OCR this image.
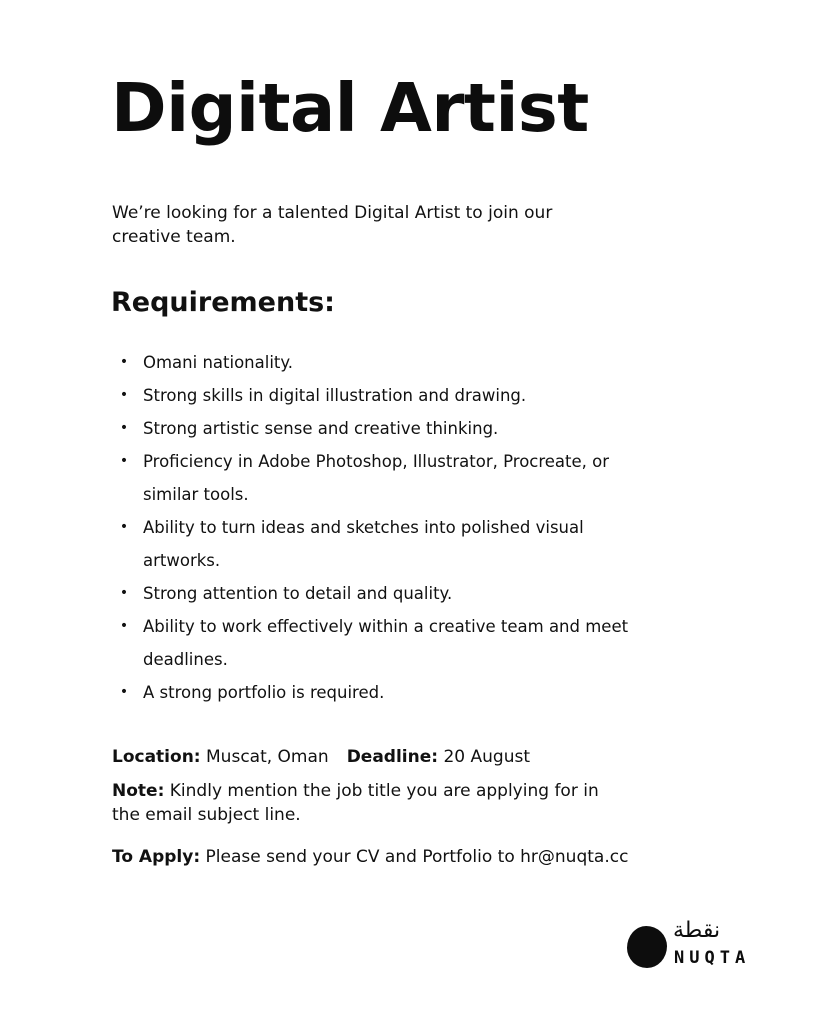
Digital Artist

We’re looking for a talented Digital Artist to join our creative team.

Requirements:
• Omani nationality.
• Strong skills in digital illustration and drawing.
• Strong artistic sense and creative thinking.
• Proficiency in Adobe Photoshop, Illustrator, Procreate, or similar tools.
• Ability to turn ideas and sketches into polished visual artworks.
• Strong attention to detail and quality.
• Ability to work effectively within a creative team and meet deadlines.
• A strong portfolio is required.

Location: Muscat, Oman Deadline: 20 August

Note: Kindly mention the job title you are applying for in the email subject line.

To Apply: Please send your CV and Portfolio to hr@nuqta.cc

نقطة
NUQTA
